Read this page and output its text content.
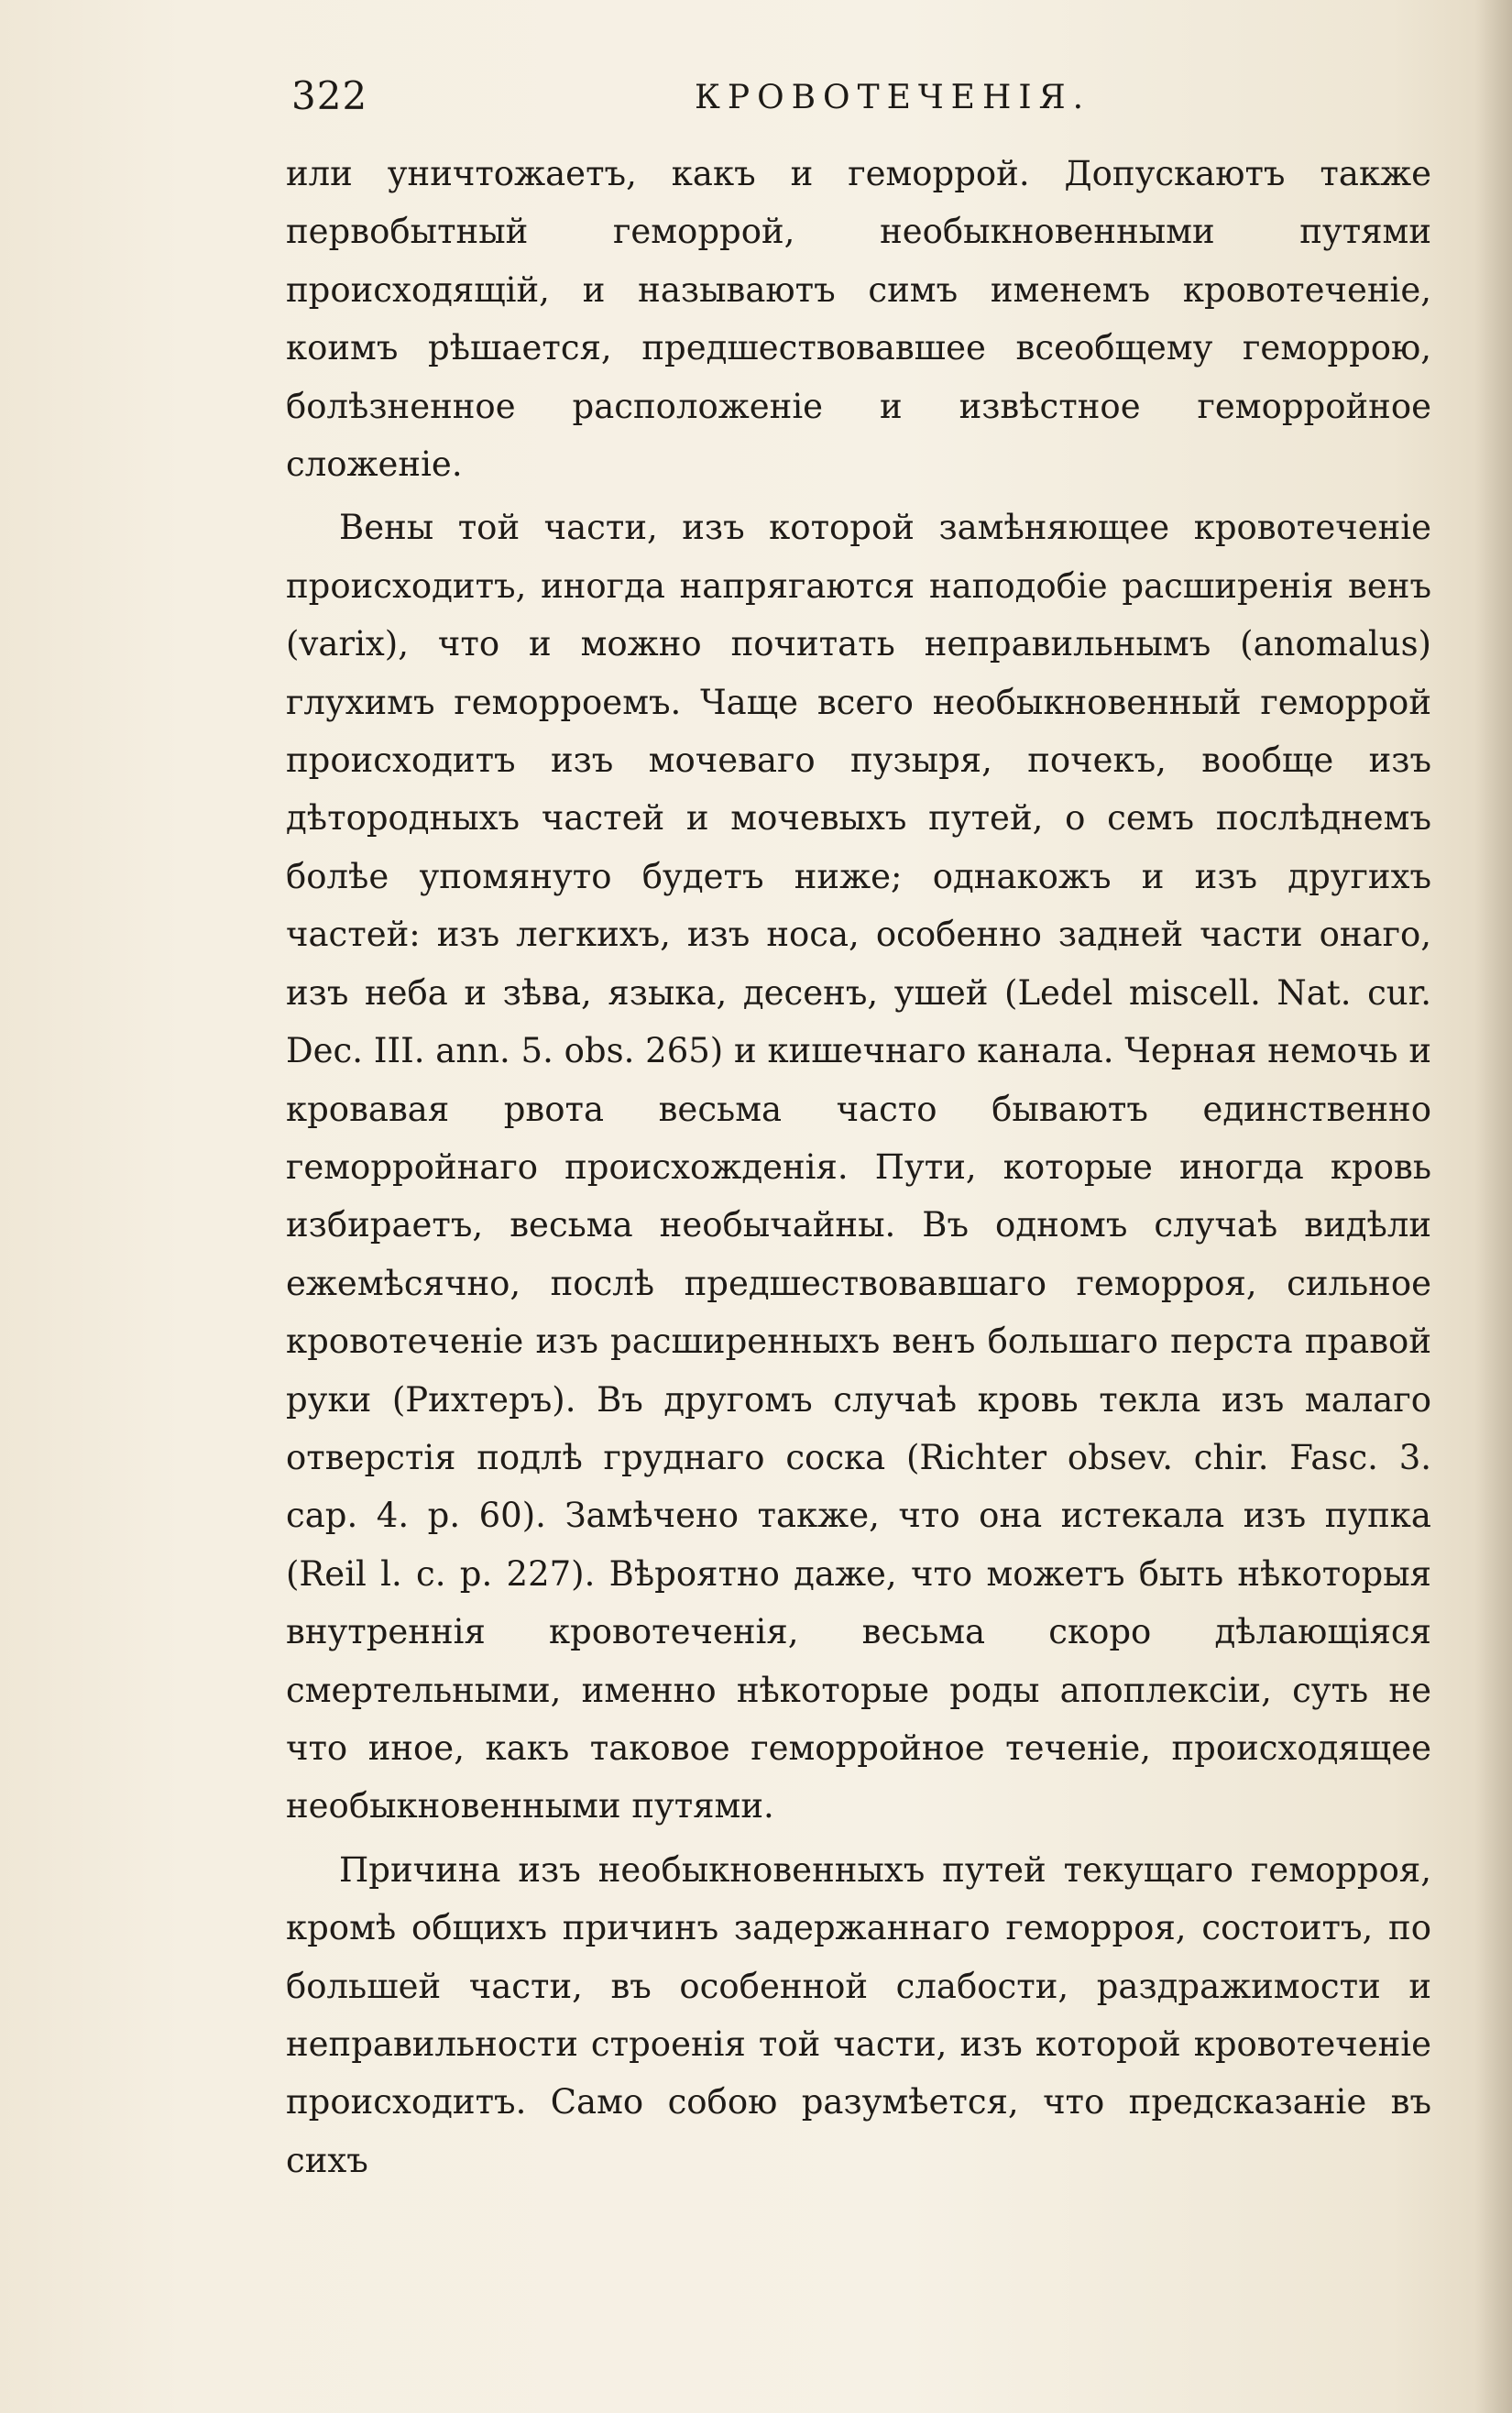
322	КРОВОТЕЧЕНІЯ.

или уничтожаетъ, какъ и геморрой. Допускаютъ также первобытный геморрой, необыкновенными путями происходящій, и называютъ симъ именемъ кровотеченіе, коимъ рѣшается, предшествовавшее всеобщему геморрою, болѣзненное расположеніе и извѣстное геморройное сложеніе.

Вены той части, изъ которой замѣняющее кровотеченіе происходитъ, иногда напрягаются наподобіе расширенія венъ (varix), что и можно почитать неправильнымъ (anomalus) глухимъ геморроемъ. Чаще всего необыкновенный геморрой происходитъ изъ мочеваго пузыря, почекъ, вообще изъ дѣтородныхъ частей и мочевыхъ путей, о семъ послѣднемъ болѣе упомянуто будетъ ниже; однакожъ и изъ другихъ частей: изъ легкихъ, изъ носа, особенно задней части онаго, изъ неба и зѣва, языка, десенъ, ушей (Ledel miscell. Nat. cur. Dec. III. ann. 5. obs. 265) и кишечнаго канала. Черная немочь и кровавая рвота весьма часто бываютъ единственно геморройнаго происхожденія. Пути, которые иногда кровь избираетъ, весьма необычайны. Въ одномъ случаѣ видѣли ежемѣсячно, послѣ предшествовавшаго геморроя, сильное кровотеченіе изъ расширенныхъ венъ большаго перста правой руки (Рихтеръ). Въ другомъ случаѣ кровь текла изъ малаго отверстія подлѣ груднаго соска (Richter obsev. chir. Fasc. 3. cap. 4. p. 60). Замѣчено также, что она истекала изъ пупка (Reil l. c. p. 227). Вѣроятно даже, что можетъ быть нѣкоторыя внутреннія кровотеченія, весьма скоро дѣлающіяся смертельными, именно нѣкоторые роды апоплексіи, суть не что иное, какъ таковое геморройное теченіе, происходящее необыкновенными путями.

Причина изъ необыкновенныхъ путей текущаго геморроя, кромѣ общихъ причинъ задержаннаго геморроя, состоитъ, по большей части, въ особенной слабости, раздражимости и неправильности строенія той части, изъ которой кровотеченіе происходитъ. Само собою разумѣется, что предсказаніе въ сихъ
